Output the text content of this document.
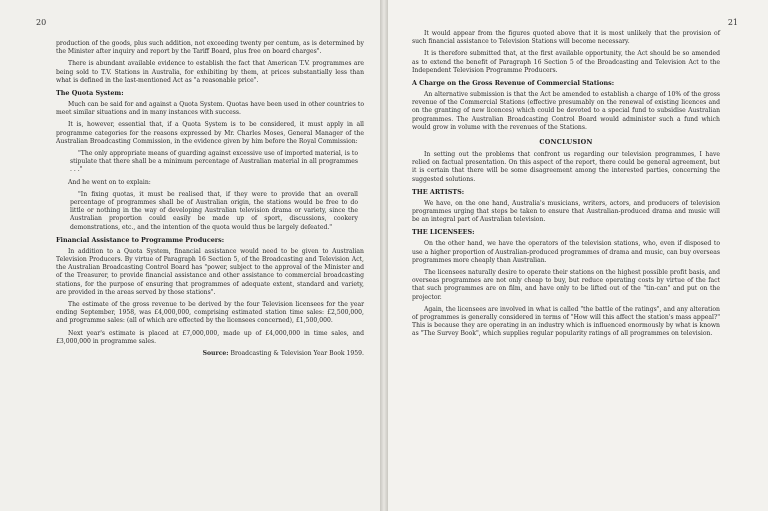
20

production of the goods, plus such addition, not exceeding twenty per centum, as is determined by the Minister after inquiry and report by the Tariff Board, plus free on board charges".

There is abundant available evidence to establish the fact that American T.V. programmes are being sold to T.V. Stations in Australia, for exhibiting by them, at prices substantially less than what is defined in the last-mentioned Act as "a reasonable price".

The Quota System:

Much can be said for and against a Quota System. Quotas have been used in other countries to meet similar situations and in many instances with success.

It is, however, essential that, if a Quota System is to be considered, it must apply in all programme categories for the reasons expressed by Mr. Charles Moses, General Manager of the Australian Broadcasting Commission, in the evidence given by him before the Royal Commission:

"The only appropriate means of guarding against excessive use of imported material, is to stipulate that there shall be a minimum percentage of Australian material in all programmes . . ."

And he went on to explain:

"In fixing quotas, it must be realised that, if they were to provide that an overall percentage of programmes shall be of Australian origin, the stations would be free to do little or nothing in the way of developing Australian television drama or variety, since the Australian proportion could easily be made up of sport, discussions, cookery demonstrations, etc., and the intention of the quota would thus be largely defeated."

Financial Assistance to Programme Producers:

In addition to a Quota System, financial assistance would need to be given to Australian Television Producers. By virtue of Paragraph 16 Section 5, of the Broadcasting and Television Act, the Australian Broadcasting Control Board has "power, subject to the approval of the Minister and of the Treasurer, to provide financial assistance and other assistance to commercial broadcasting stations, for the purpose of ensuring that programmes of adequate extent, standard and variety, are provided in the areas served by those stations".

The estimate of the gross revenue to be derived by the four Television licensees for the year ending September, 1958, was £4,000,000, comprising estimated station time sales: £2,500,000, and programme sales: (all of which are effected by the licensees concerned), £1,500,000.

Next year's estimate is placed at £7,000,000, made up of £4,000,000 in time sales, and £3,000,000 in programme sales.

Source: Broadcasting & Television Year Book 1959.
21

It would appear from the figures quoted above that it is most unlikely that the provision of such financial assistance to Television Stations will become necessary.

It is therefore submitted that, at the first available opportunity, the Act should be so amended as to extend the benefit of Paragraph 16 Section 5 of the Broadcasting and Television Act to the Independent Television Programme Producers.

A Charge on the Gross Revenue of Commercial Stations:

An alternative submission is that the Act be amended to establish a charge of 10% of the gross revenue of the Commercial Stations (effective presumably on the renewal of existing licences and on the granting of new licences) which could be devoted to a special fund to subsidise Australian programmes. The Australian Broadcasting Control Board would administer such a fund which would grow in volume with the revenues of the Stations.

CONCLUSION

In setting out the problems that confront us regarding our television programmes, I have relied on factual presentation. On this aspect of the report, there could be general agreement, but it is certain that there will be some disagreement among the interested parties, concerning the suggested solutions.

THE ARTISTS:

We have, on the one hand, Australia's musicians, writers, actors, and producers of television programmes urging that steps be taken to ensure that Australian-produced drama and music will be an integral part of Australian television.

THE LICENSEES:

On the other hand, we have the operators of the television stations, who, even if disposed to use a higher proportion of Australian-produced programmes of drama and music, can buy overseas programmes more cheaply than Australian.

The licensees naturally desire to operate their stations on the highest possible profit basis, and overseas programmes are not only cheap to buy, but reduce operating costs by virtue of the fact that such programmes are on film, and have only to be lifted out of the "tin-can" and put on the projector.

Again, the licensees are involved in what is called "the battle of the ratings", and any alteration of programmes is generally considered in terms of "How will this affect the station's mass appeal?" This is because they are operating in an industry which is influenced enormously by what is known as "The Survey Book", which supplies regular popularity ratings of all programmes on television.
